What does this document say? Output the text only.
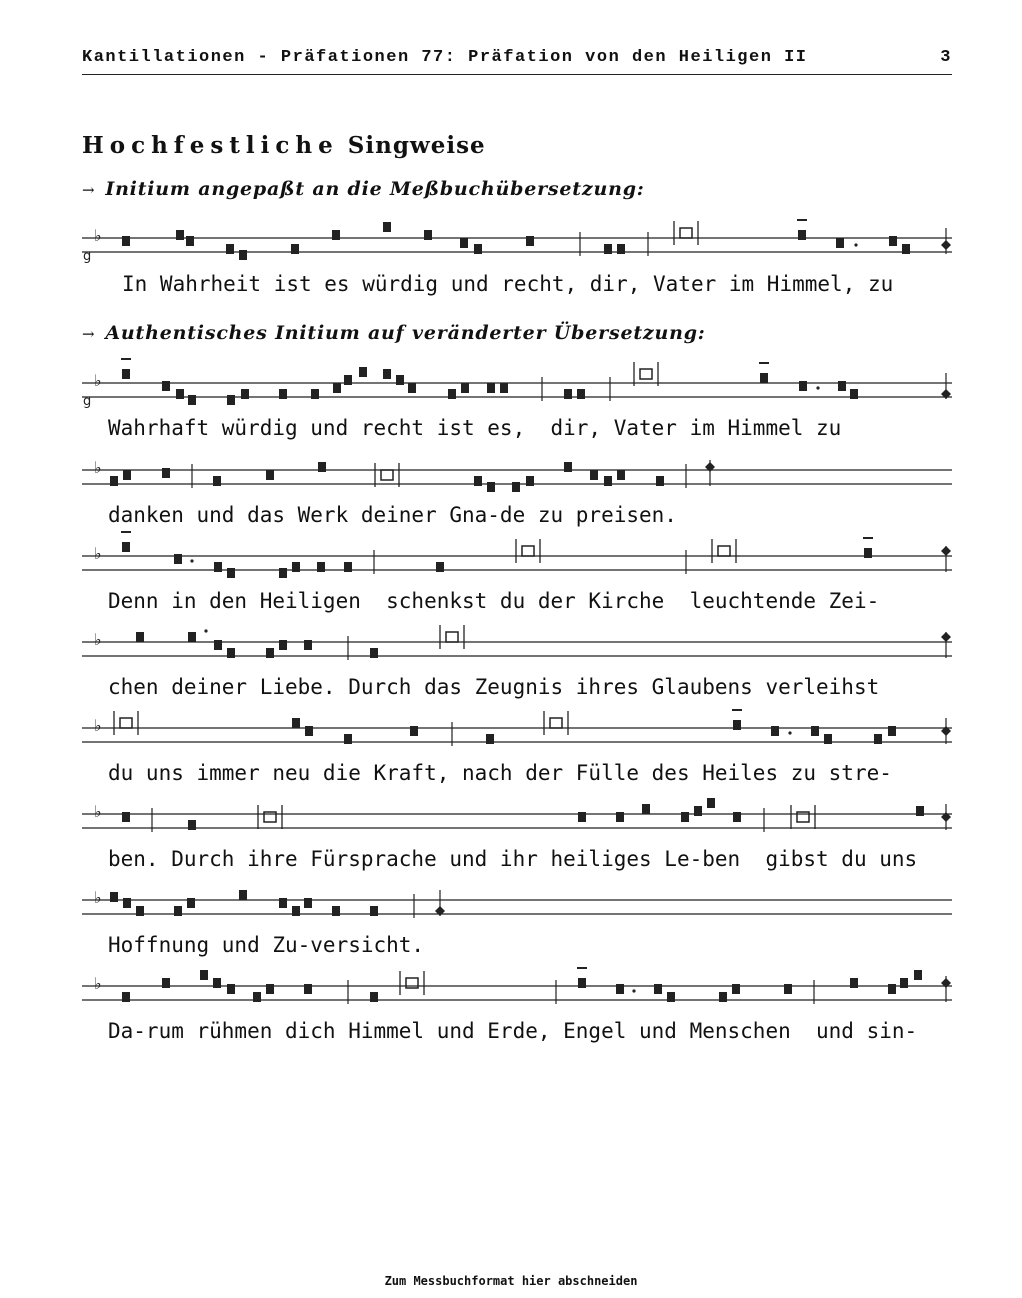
Kantillationen - Präfationen 77: Präfation von den Heiligen II	3
Hochfestliche Singweise
→ Initium angepaßt an die Meßbuchübersetzung:
→ Authentisches Initium auf veränderter Übersetzung:
♭
g
♭
g
♭
♭
♭
♭
♭
♭
♭
In Wahrheit ist es würdig und recht, dir, Vater im Himmel, zu
Wahrhaft würdig und recht ist es,  dir, Vater im Himmel zu
danken und das Werk deiner Gna-de zu preisen.
Denn in den Heiligen  schenkst du der Kirche  leuchtende Zei-
chen deiner Liebe. Durch das Zeugnis ihres Glaubens verleihst
du uns immer neu die Kraft, nach der Fülle des Heiles zu stre-
ben. Durch ihre Fürsprache und ihr heiliges Le-ben  gibst du uns
Hoffnung und Zu-versicht.
Da-rum rühmen dich Himmel und Erde, Engel und Menschen  und sin-
Zum Messbuchformat hier abschneiden
